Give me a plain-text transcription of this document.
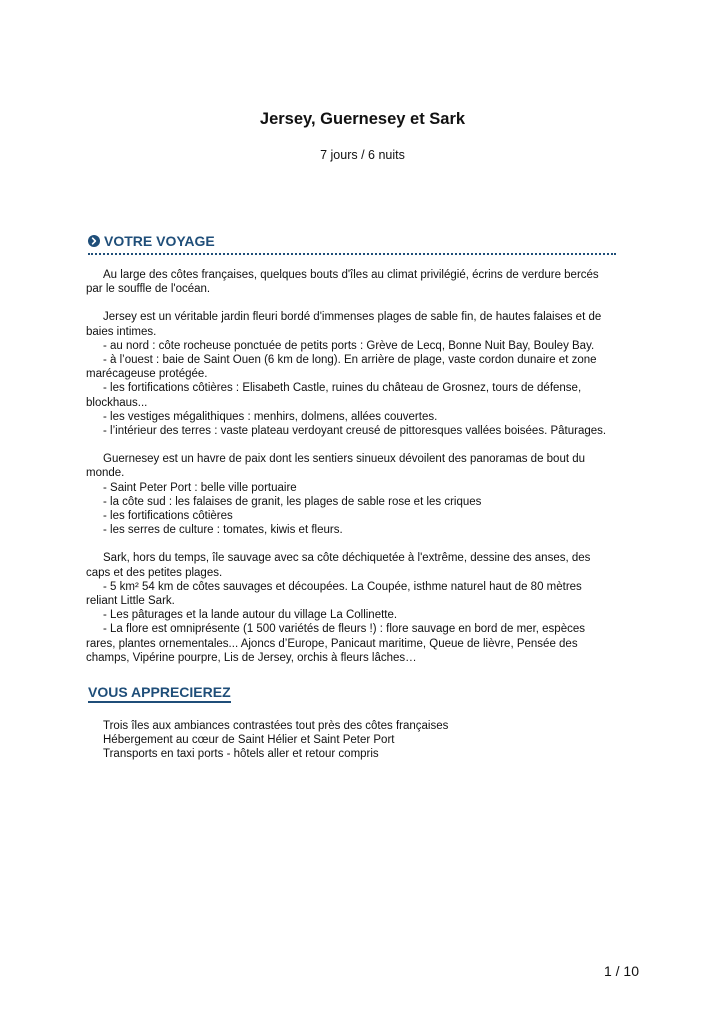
Jersey, Guernesey et Sark
7 jours / 6 nuits
VOTRE VOYAGE
Au large des côtes françaises, quelques bouts d'îles au climat privilégié, écrins de verdure bercés
par le souffle de l'océan.
Jersey est un véritable jardin fleuri bordé d'immenses plages de sable fin, de hautes falaises et de
baies intimes.
- au nord : côte rocheuse ponctuée de petits ports : Grève de Lecq, Bonne Nuit Bay, Bouley Bay.
- à l’ouest : baie de Saint Ouen (6 km de long). En arrière de plage, vaste cordon dunaire et zone
marécageuse protégée.
- les fortifications côtières : Elisabeth Castle, ruines du château de Grosnez, tours de défense,
blockhaus...
- les vestiges mégalithiques : menhirs, dolmens, allées couvertes.
- l’intérieur des terres : vaste plateau verdoyant creusé de pittoresques vallées boisées. Pâturages.
Guernesey est un havre de paix dont les sentiers sinueux dévoilent des panoramas de bout du
monde.
- Saint Peter Port : belle ville portuaire
- la côte sud : les falaises de granit, les plages de sable rose et les criques
- les fortifications côtières
- les serres de culture : tomates, kiwis et fleurs.
Sark, hors du temps, île sauvage avec sa côte déchiquetée à l'extrême, dessine des anses, des
caps et des petites plages.
- 5 km² 54 km de côtes sauvages et découpées. La Coupée, isthme naturel haut de 80 mètres
reliant Little Sark.
- Les pâturages et la lande autour du village La Collinette.
- La flore est omniprésente (1 500 variétés de fleurs !) : flore sauvage en bord de mer, espèces
rares, plantes ornementales... Ajoncs d’Europe, Panicaut maritime, Queue de lièvre, Pensée des
champs, Vipérine pourpre, Lis de Jersey, orchis à fleurs lâches…
VOUS APPRECIEREZ
Trois îles aux ambiances contrastées tout près des côtes françaises
Hébergement au cœur de Saint Hélier et Saint Peter Port
Transports en taxi ports - hôtels aller et retour compris
1 / 10
